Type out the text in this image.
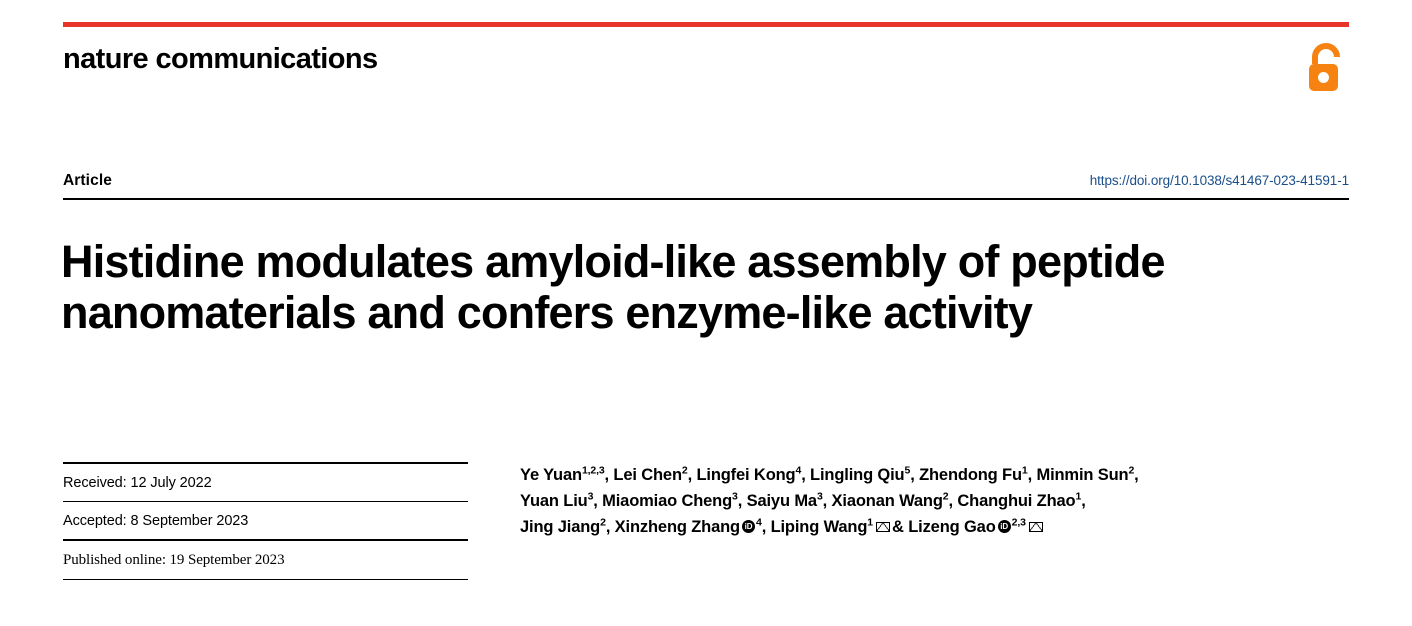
nature communications
Article	https://doi.org/10.1038/s41467-023-41591-1
Histidine modulates amyloid-like assembly of peptide nanomaterials and confers enzyme-like activity
Received: 12 July 2022
Accepted: 8 September 2023
Published online: 19 September 2023
Ye Yuan$^{1,2,3}$, Lei Chen$^2$, Lingfei Kong$^4$, Lingling Qiu$^5$, Zhendong Fu$^1$, Minmin Sun$^2$,
Yuan Liu$^3$, Miaomiao Cheng$^3$, Saiyu Ma$^3$, Xiaonan Wang$^2$, Changhui Zhao$^1$,
Jing Jiang$^2$, Xinzheng Zhang iD $^4$, Liping Wang$^1$ & Lizeng Gao iD $^{2,3}$
